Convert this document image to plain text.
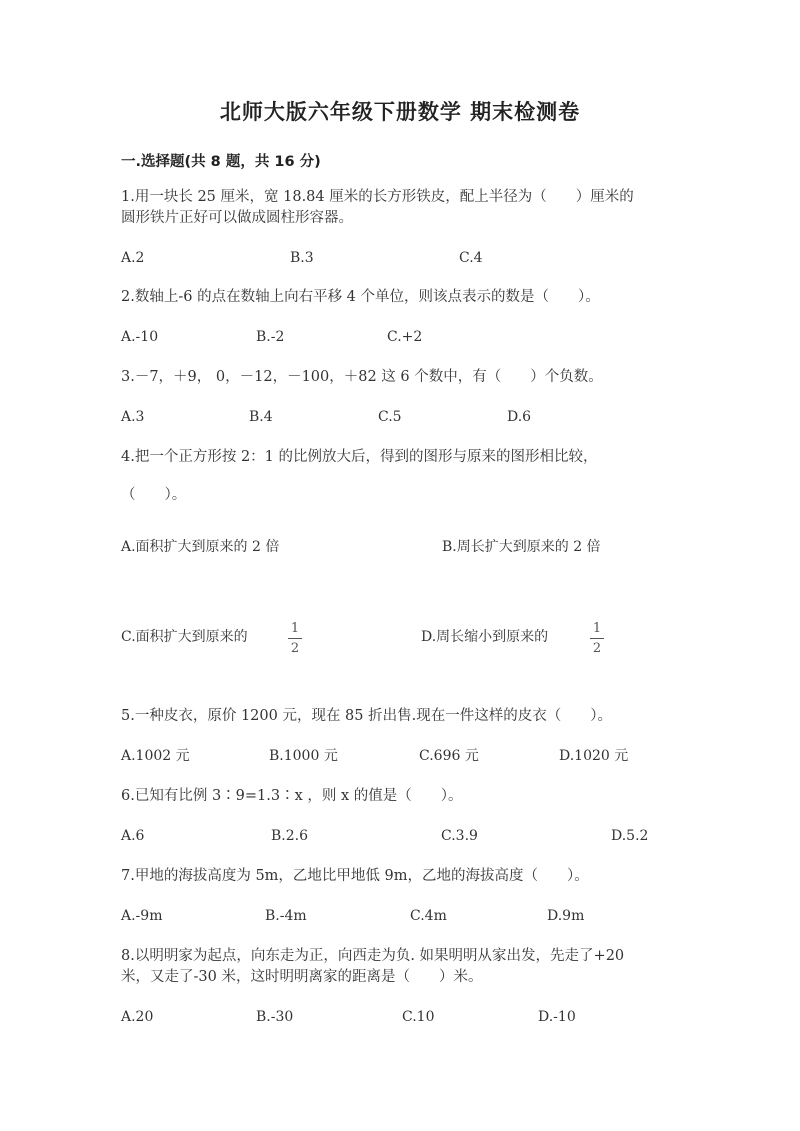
北师大版六年级下册数学 期末检测卷
一.选择题(共 8 题，共 16 分)
1.用一块长 25 厘米，宽 18.84 厘米的长方形铁皮，配上半径为（　　）厘米的
圆形铁片正好可以做成圆柱形容器。
A.2	B.3	C.4
2.数轴上-6 的点在数轴上向右平移 4 个单位，则该点表示的数是（　　）。
A.-10	B.-2	C.+2
3.－7，＋9， 0，－12，－100，＋82 这 6 个数中，有（　　）个负数。
A.3	B.4	C.5	D.6
4.把一个正方形按 2：1 的比例放大后，得到的图形与原来的图形相比较，
（　　）。
A.面积扩大到原来的 2 倍	B.周长扩大到原来的 2 倍
C.面积扩大到原来的
1
2
D.周长缩小到原来的
1
2
5.一种皮衣，原价 1200 元，现在 85 折出售.现在一件这样的皮衣（　　）。
A.1002 元	B.1000 元	C.696 元	D.1020 元
6.已知有比例 3∶9=1.3∶x ，则 x 的值是（　　）。
A.6	B.2.6	C.3.9	D.5.2
7.甲地的海拔高度为 5m，乙地比甲地低 9m，乙地的海拔高度（　　）。
A.-9m	B.-4m	C.4m	D.9m
8.以明明家为起点，向东走为正，向西走为负. 如果明明从家出发，先走了+20
米，又走了-30 米，这时明明离家的距离是（　　）米。
A.20	B.-30	C.10	D.-10
